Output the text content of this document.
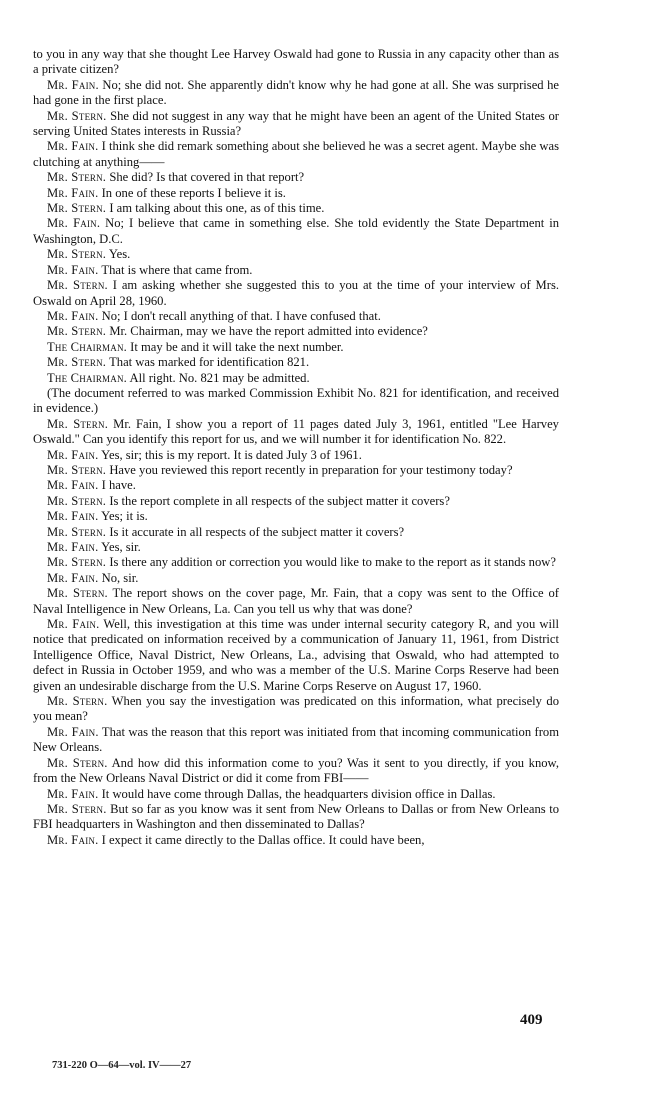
to you in any way that she thought Lee Harvey Oswald had gone to Russia in any capacity other than as a private citizen?

Mr. Fain. No; she did not. She apparently didn't know why he had gone at all. She was surprised he had gone in the first place.

Mr. Stern. She did not suggest in any way that he might have been an agent of the United States or serving United States interests in Russia?

Mr. Fain. I think she did remark something about she believed he was a secret agent. Maybe she was clutching at anything——

Mr. Stern. She did? Is that covered in that report?

Mr. Fain. In one of these reports I believe it is.

Mr. Stern. I am talking about this one, as of this time.

Mr. Fain. No; I believe that came in something else. She told evidently the State Department in Washington, D.C.

Mr. Stern. Yes.

Mr. Fain. That is where that came from.

Mr. Stern. I am asking whether she suggested this to you at the time of your interview of Mrs. Oswald on April 28, 1960.

Mr. Fain. No; I don't recall anything of that. I have confused that.

Mr. Stern. Mr. Chairman, may we have the report admitted into evidence?

The Chairman. It may be and it will take the next number.

Mr. Stern. That was marked for identification 821.

The Chairman. All right. No. 821 may be admitted.

(The document referred to was marked Commission Exhibit No. 821 for identification, and received in evidence.)

Mr. Stern. Mr. Fain, I show you a report of 11 pages dated July 3, 1961, entitled "Lee Harvey Oswald." Can you identify this report for us, and we will number it for identification No. 822.

Mr. Fain. Yes, sir; this is my report. It is dated July 3 of 1961.

Mr. Stern. Have you reviewed this report recently in preparation for your testimony today?

Mr. Fain. I have.

Mr. Stern. Is the report complete in all respects of the subject matter it covers?

Mr. Fain. Yes; it is.

Mr. Stern. Is it accurate in all respects of the subject matter it covers?

Mr. Fain. Yes, sir.

Mr. Stern. Is there any addition or correction you would like to make to the report as it stands now?

Mr. Fain. No, sir.

Mr. Stern. The report shows on the cover page, Mr. Fain, that a copy was sent to the Office of Naval Intelligence in New Orleans, La. Can you tell us why that was done?

Mr. Fain. Well, this investigation at this time was under internal security category R, and you will notice that predicated on information received by a communication of January 11, 1961, from District Intelligence Office, Naval District, New Orleans, La., advising that Oswald, who had attempted to defect in Russia in October 1959, and who was a member of the U.S. Marine Corps Reserve had been given an undesirable discharge from the U.S. Marine Corps Reserve on August 17, 1960.

Mr. Stern. When you say the investigation was predicated on this information, what precisely do you mean?

Mr. Fain. That was the reason that this report was initiated from that incoming communication from New Orleans.

Mr. Stern. And how did this information come to you? Was it sent to you directly, if you know, from the New Orleans Naval District or did it come from FBI——

Mr. Fain. It would have come through Dallas, the headquarters division office in Dallas.

Mr. Stern. But so far as you know was it sent from New Orleans to Dallas or from New Orleans to FBI headquarters in Washington and then disseminated to Dallas?

Mr. Fain. I expect it came directly to the Dallas office. It could have been,

409
731-220 O—64—vol. IV——27
